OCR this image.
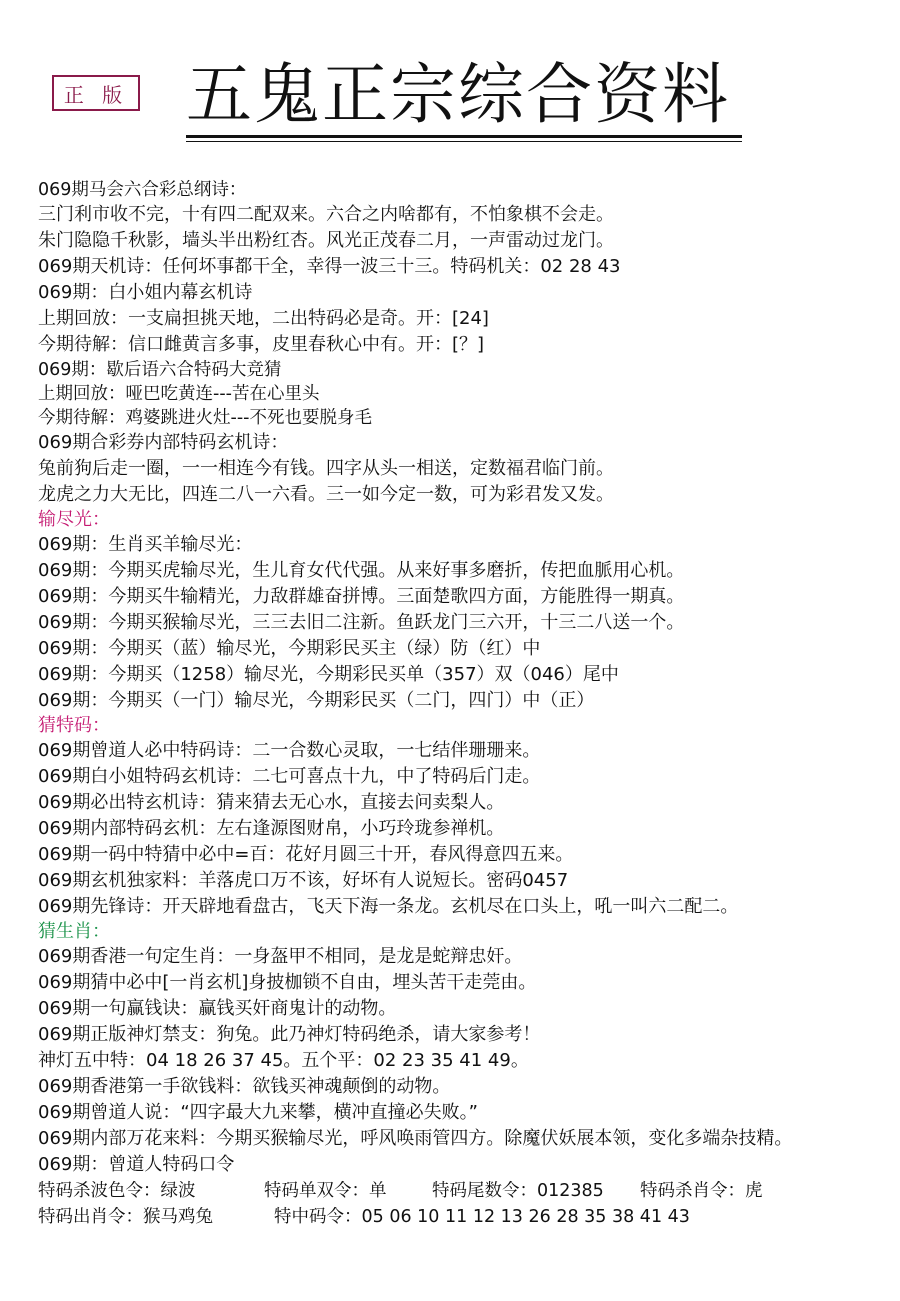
正 版 五鬼正宗综合资料
069期马会六合彩总纲诗：
三门利市收不完，十有四二配双来。六合之内啥都有，不怕象棋不会走。
朱门隐隐千秋影，墙头半出粉红杏。风光正茂春二月，一声雷动过龙门。
069期天机诗：任何坏事都干全，幸得一波三十三。特码机关：02 28 43
069期：白小姐内幕玄机诗
上期回放：一支扁担挑天地，二出特码必是奇。开：[24]
今期待解：信口雌黄言多事，皮里春秋心中有。开：[？]
069期：歇后语六合特码大竞猜
上期回放：哑巴吃黄连---苦在心里头
今期待解：鸡婆跳进火灶---不死也要脱身毛
069期合彩券内部特码玄机诗：
兔前狗后走一圈，一一相连今有钱。四字从头一相送，定数福君临门前。
龙虎之力大无比，四连二八一六看。三一如今定一数，可为彩君发又发。
输尽光：
069期：生肖买羊输尽光：
069期：今期买虎输尽光，生儿育女代代强。从来好事多磨折，传把血脈用心机。
069期：今期买牛输精光，力敌群雄奋拼博。三面楚歌四方面，方能胜得一期真。
069期：今期买猴输尽光，三三去旧二注新。鱼跃龙门三六开，十三二八送一个。
069期：今期买（蓝）输尽光，今期彩民买主（绿）防（红）中
069期：今期买（1258）输尽光，今期彩民买单（357）双（046）尾中
069期：今期买（一门）输尽光，今期彩民买（二门，四门）中（正）
猜特码：
069期曾道人必中特码诗：二一合数心灵取，一七结伴珊珊来。
069期白小姐特码玄机诗：二七可喜点十九，中了特码后门走。
069期必出特玄机诗：猜来猜去无心水，直接去问卖梨人。
069期内部特码玄机：左右逢源图财帛，小巧玲珑参禅机。
069期一码中特猜中必中=百：花好月圆三十开，春风得意四五来。
069期玄机独家料：羊落虎口万不该，好坏有人说短长。密码0457
069期先锋诗：开天辟地看盘古，飞天下海一条龙。玄机尽在口头上，吼一叫六二配二。
猜生肖：
069期香港一句定生肖：一身盔甲不相同，是龙是蛇辩忠奸。
069期猜中必中[一肖玄机]身披枷锁不自由，埋头苦干走莞由。
069期一句赢钱诀：赢钱买奸商鬼计的动物。
069期正版神灯禁支：狗兔。此乃神灯特码绝杀，请大家参考！
神灯五中特：04 18 26 37 45。五个平：02 23 35 41 49。
069期香港第一手欲钱料：欲钱买神魂颠倒的动物。
069期曾道人说：“四字最大九来攀，横冲直撞必失败。”
069期内部万花来料：今期买猴输尽光，呼风唤雨管四方。除魔伏妖展本领，变化多端杂技精。
069期：曾道人特码口令
特码杀波色令：绿波	特码单双令：单	特码尾数令：012385	特码杀肖令：虎
特码出肖令：猴马鸡兔	特中码令：05 06 10 11 12 13 26 28 35 38 41 43
